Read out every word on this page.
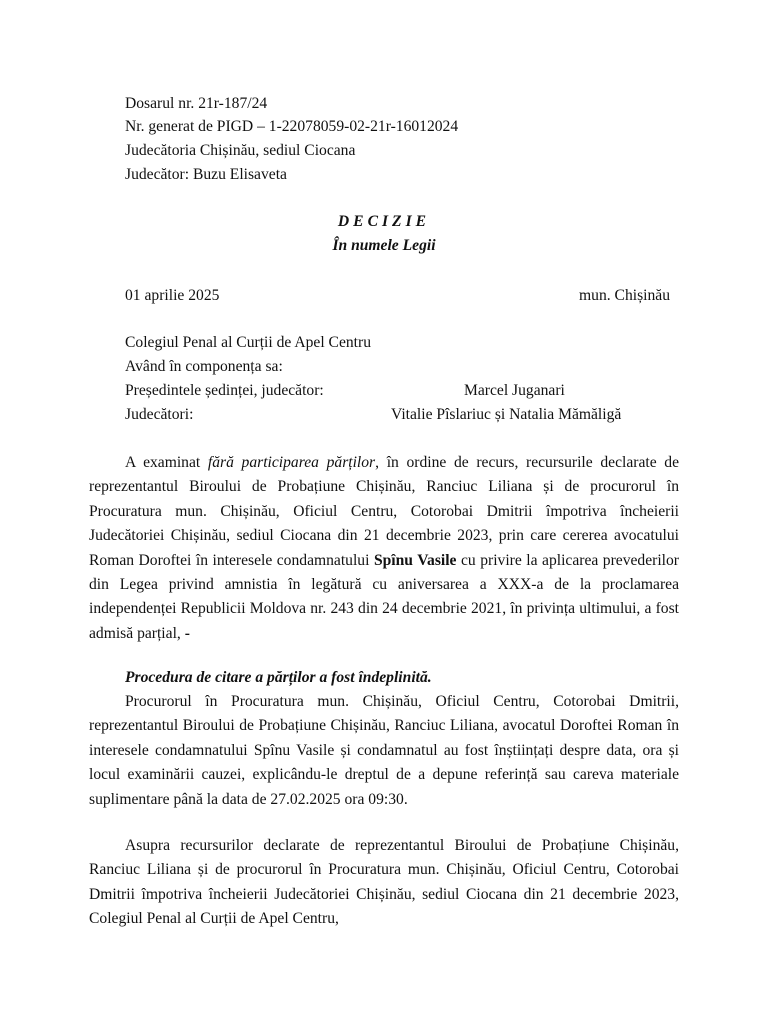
Dosarul nr. 21r-187/24
Nr. generat de PIGD – 1-22078059-02-21r-16012024
Judecătoria Chișinău, sediul Ciocana
Judecător: Buzu Elisaveta
DECIZIE
În numele Legii
01 aprilie 2025	mun. Chișinău
Colegiul Penal al Curții de Apel Centru
Având în componența sa:
Președintele ședinței, judecător:	Marcel Juganari
Judecători:	Vitalie Pîslariuc și Natalia Mămăligă

A examinat fără participarea părților, în ordine de recurs, recursurile declarate de reprezentantul Biroului de Probațiune Chișinău, Ranciuc Liliana și de procurorul în Procuratura mun. Chișinău, Oficiul Centru, Cotorobai Dmitrii împotriva încheierii Judecătoriei Chișinău, sediul Ciocana din 21 decembrie 2023, prin care cererea avocatului Roman Doroftei în interesele condamnatului Spînu Vasile cu privire la aplicarea prevederilor din Legea privind amnistia în legătură cu aniversarea a XXX-a de la proclamarea independenței Republicii Moldova nr. 243 din 24 decembrie 2021, în privința ultimului, a fost admisă parțial, -

Procedura de citare a părților a fost îndeplinită.

Procurorul în Procuratura mun. Chișinău, Oficiul Centru, Cotorobai Dmitrii, reprezentantul Biroului de Probațiune Chișinău, Ranciuc Liliana, avocatul Doroftei Roman în interesele condamnatului Spînu Vasile și condamnatul au fost înștiințați despre data, ora și locul examinării cauzei, explicându-le dreptul de a depune referință sau careva materiale suplimentare până la data de 27.02.2025 ora 09:30.

Asupra recursurilor declarate de reprezentantul Biroului de Probațiune Chișinău, Ranciuc Liliana și de procurorul în Procuratura mun. Chișinău, Oficiul Centru, Cotorobai Dmitrii împotriva încheierii Judecătoriei Chișinău, sediul Ciocana din 21 decembrie 2023, Colegiul Penal al Curții de Apel Centru,
